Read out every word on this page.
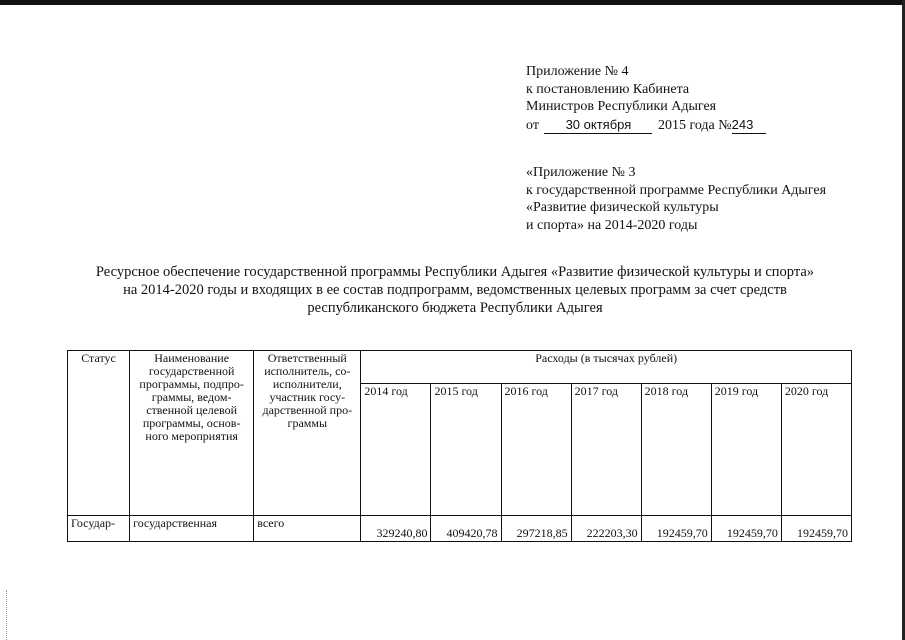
Приложение № 4
к постановлению Кабинета
Министров Республики Адыгея
от 30 октября 2015 года №243
«Приложение № 3
к государственной программе Республики Адыгея
«Развитие физической культуры
и спорта» на 2014-2020 годы
Ресурсное обеспечение государственной программы Республики Адыгея «Развитие физической культуры и спорта»
на 2014-2020 годы и входящих в ее состав подпрограмм, ведомственных целевых программ за счет средств
республиканского бюджета Республики Адыгея
Статус	Наименование государственной программы, подпро-граммы, ведом-ственной целевой программы, основ-ного мероприятия	Ответственный исполнитель, со-исполнители, участник госу-дарственной про-граммы	Расходы (в тысячах рублей)						
			2014 год	2015 год	2016 год	2017 год	2018 год	2019 год	2020 год
Государ-	государственная	всего	329240,80	409420,78	297218,85	222203,30	192459,70	192459,70	192459,70
